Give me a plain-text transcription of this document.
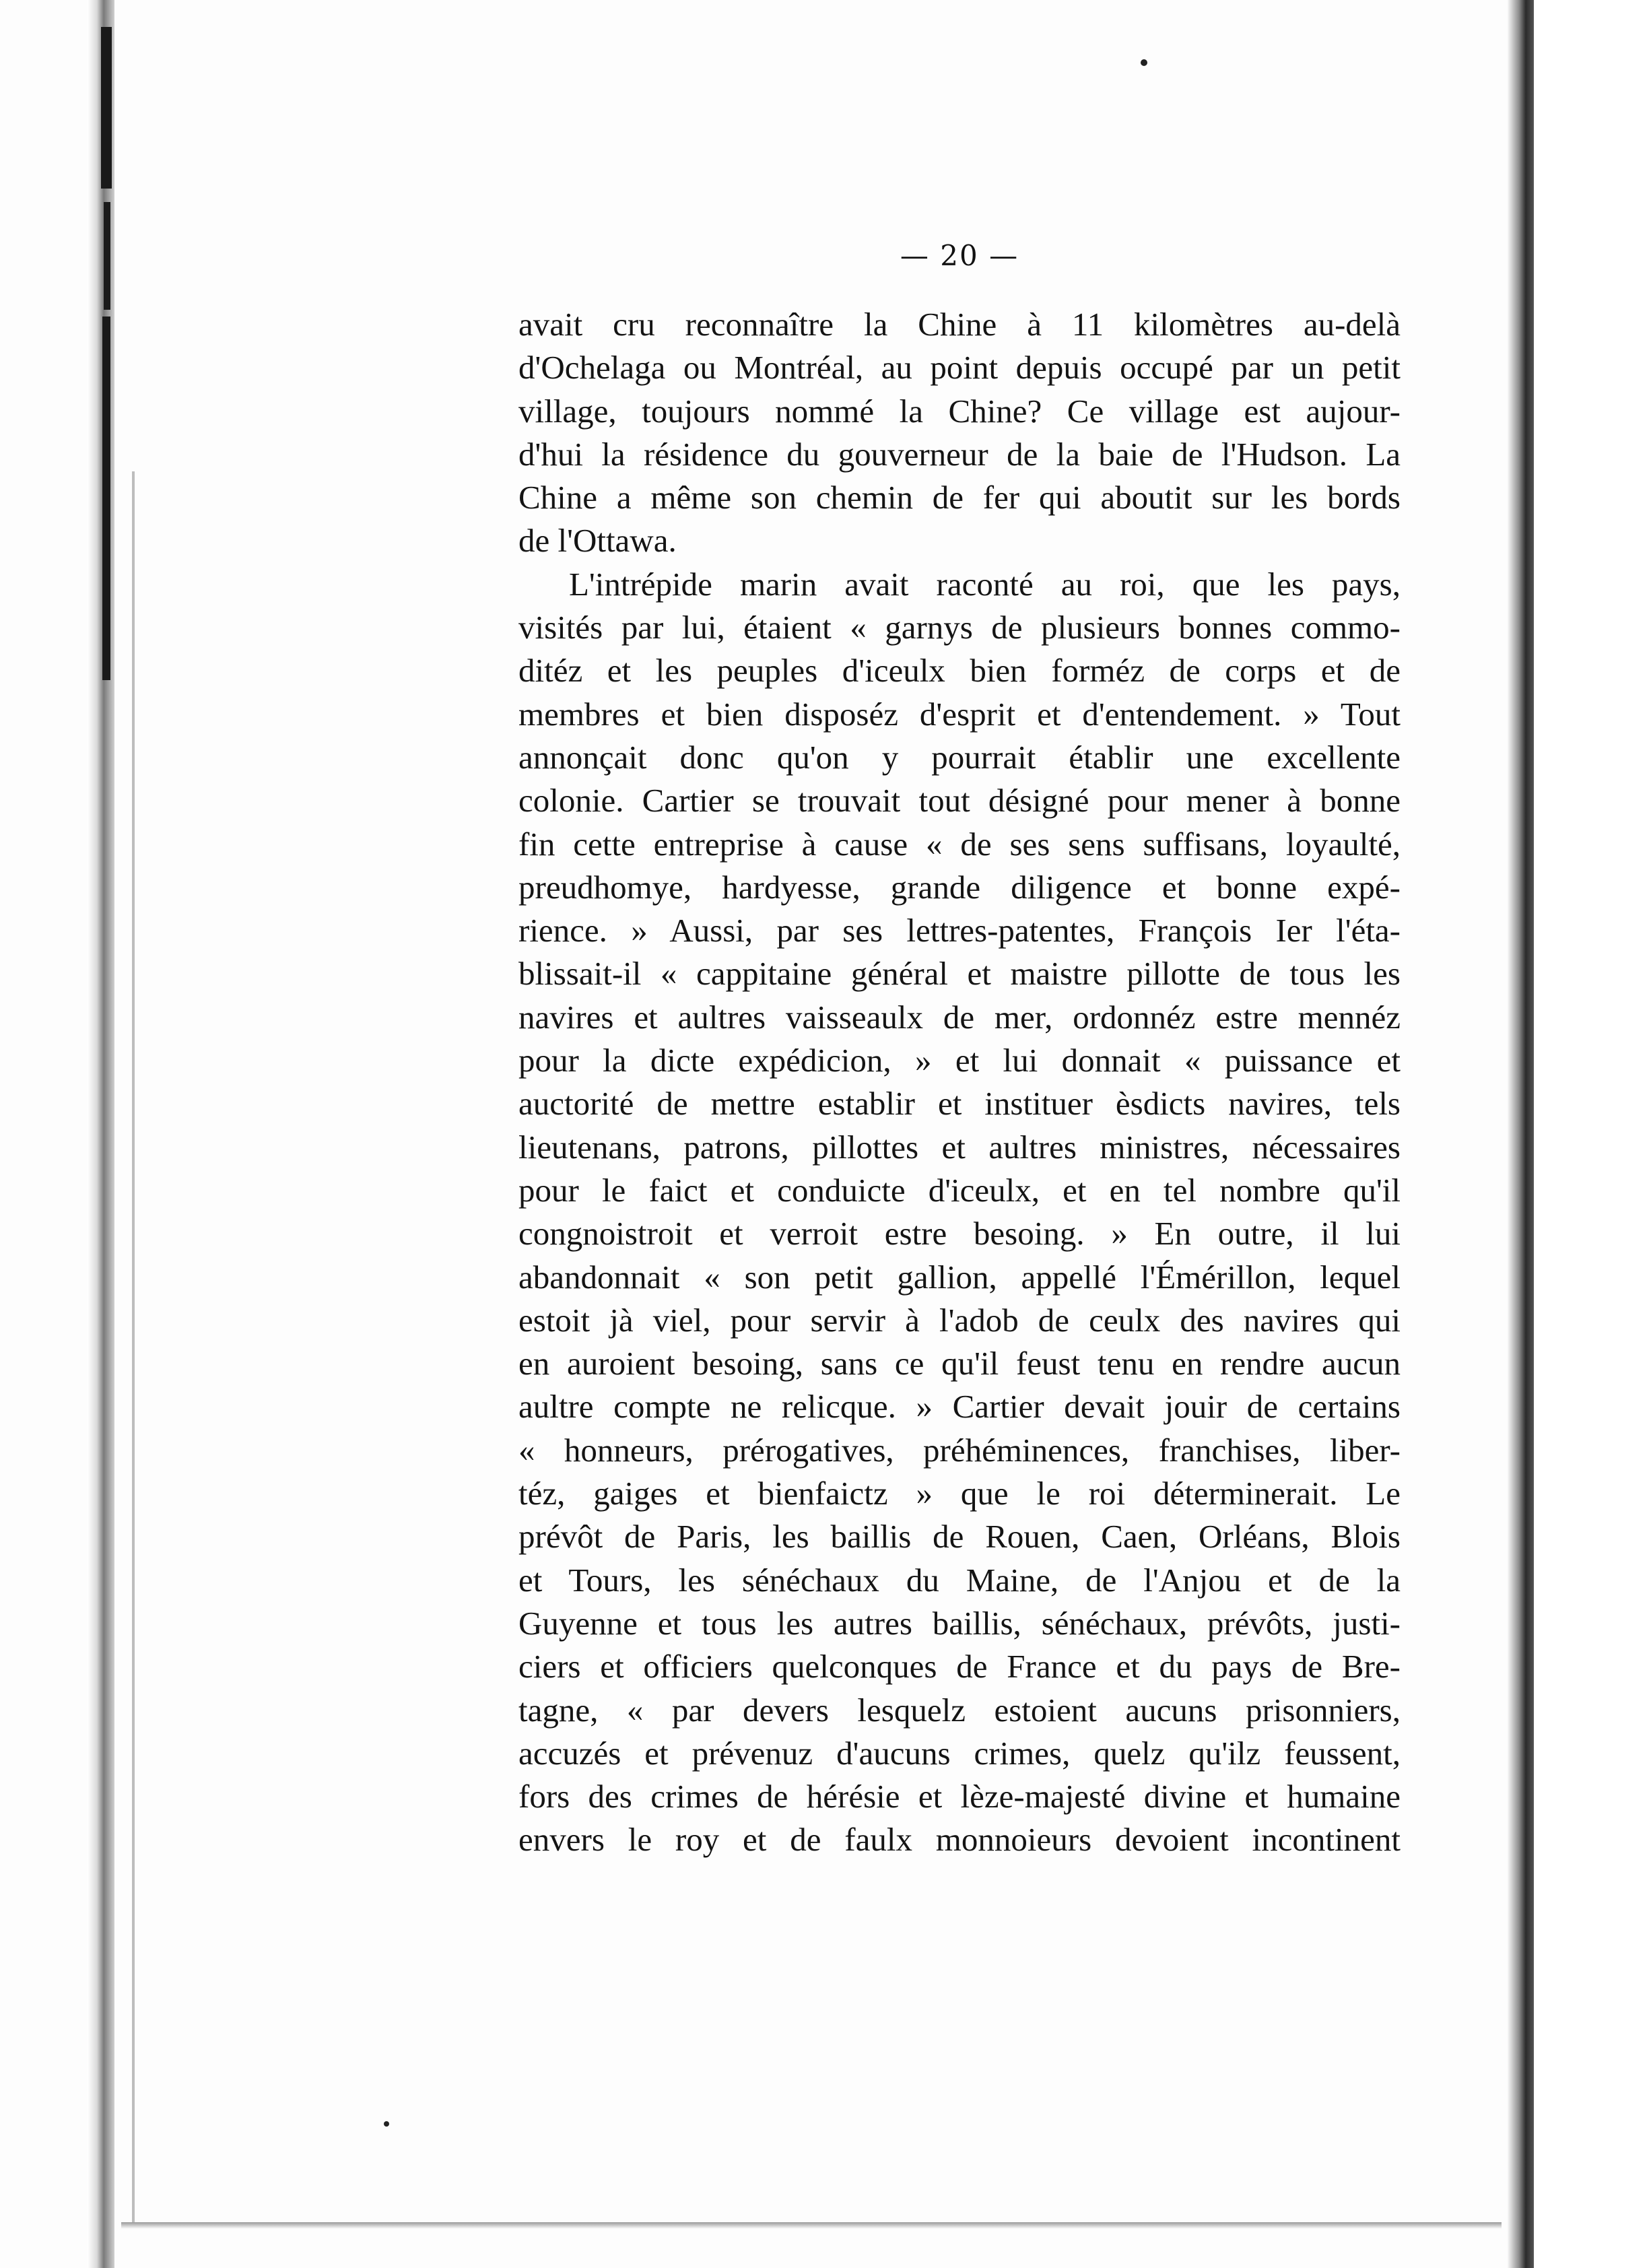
— 20 —
avait cru reconnaître la Chine à 11 kilomètres au-delà
d'Ochelaga ou Montréal, au point depuis occupé par un petit
village, toujours nommé la Chine? Ce village est aujour-
d'hui la résidence du gouverneur de la baie de l'Hudson. La
Chine a même son chemin de fer qui aboutit sur les bords
de l'Ottawa.
L'intrépide marin avait raconté au roi, que les pays,
visités par lui, étaient « garnys de plusieurs bonnes commo-
ditéz et les peuples d'iceulx bien forméz de corps et de
membres et bien disposéz d'esprit et d'entendement. » Tout
annonçait donc qu'on y pourrait établir une excellente
colonie. Cartier se trouvait tout désigné pour mener à bonne
fin cette entreprise à cause « de ses sens suffisans, loyaulté,
preudhomye, hardyesse, grande diligence et bonne expé-
rience. » Aussi, par ses lettres-patentes, François Ier l'éta-
blissait-il « cappitaine général et maistre pillotte de tous les
navires et aultres vaisseaulx de mer, ordonnéz estre mennéz
pour la dicte expédicion, » et lui donnait « puissance et
auctorité de mettre establir et instituer èsdicts navires, tels
lieutenans, patrons, pillottes et aultres ministres, nécessaires
pour le faict et conduicte d'iceulx, et en tel nombre qu'il
congnoistroit et verroit estre besoing. » En outre, il lui
abandonnait « son petit gallion, appellé l'Émérillon, lequel
estoit jà viel, pour servir à l'adob de ceulx des navires qui
en auroient besoing, sans ce qu'il feust tenu en rendre aucun
aultre compte ne relicque. » Cartier devait jouir de certains
« honneurs, prérogatives, préhéminences, franchises, liber-
téz, gaiges et bienfaictz » que le roi déterminerait. Le
prévôt de Paris, les baillis de Rouen, Caen, Orléans, Blois
et Tours, les sénéchaux du Maine, de l'Anjou et de la
Guyenne et tous les autres baillis, sénéchaux, prévôts, justi-
ciers et officiers quelconques de France et du pays de Bre-
tagne, « par devers lesquelz estoient aucuns prisonniers,
accuzés et prévenuz d'aucuns crimes, quelz qu'ilz feussent,
fors des crimes de hérésie et lèze-majesté divine et humaine
envers le roy et de faulx monnoieurs devoient incontinent
